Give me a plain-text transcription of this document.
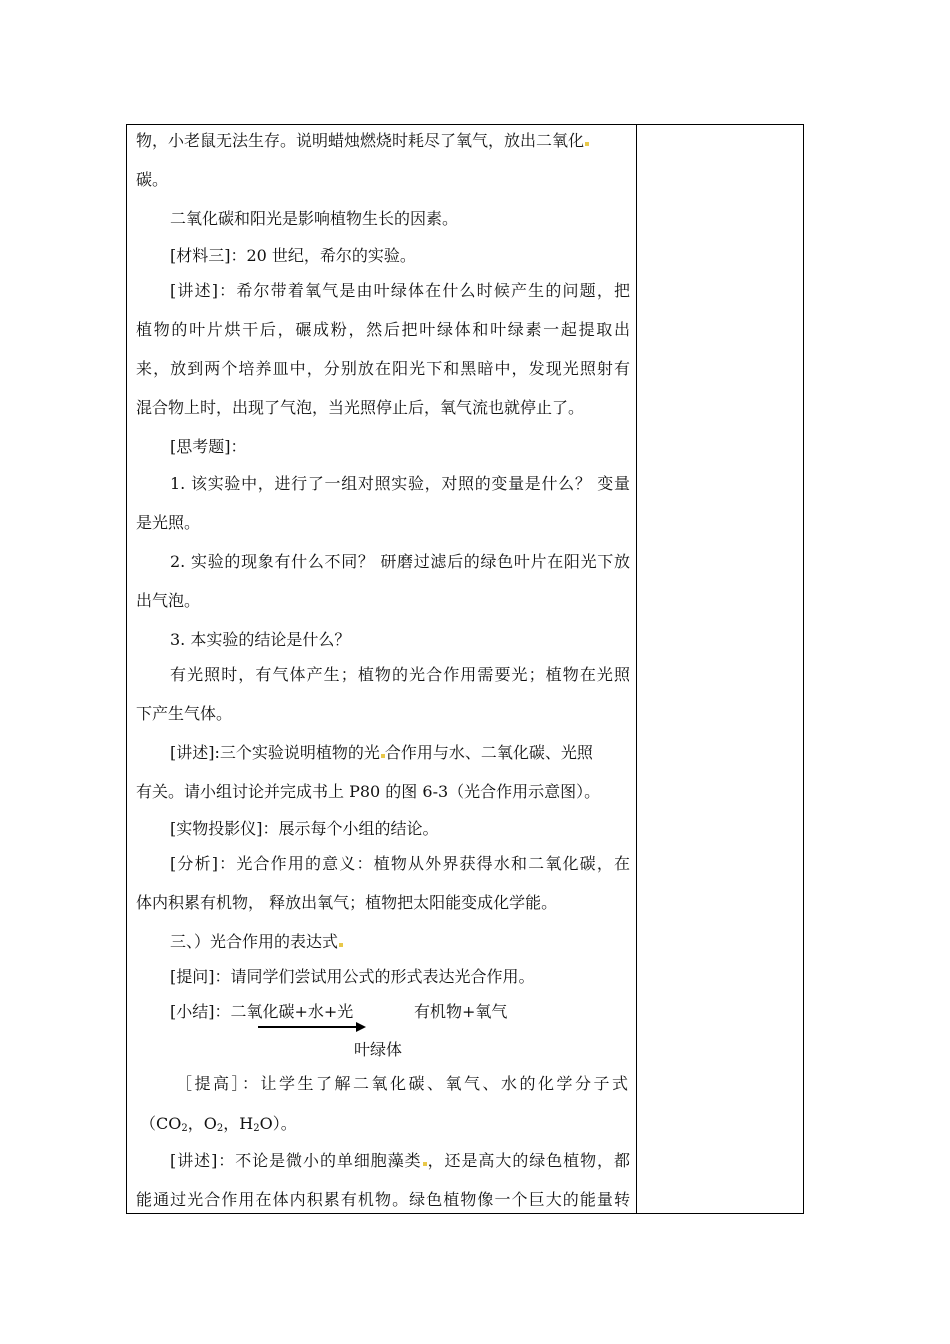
物，小老鼠无法生存。说明蜡烛燃烧时耗尽了氧气，放出二氧化
碳。
二氧化碳和阳光是影响植物生长的因素。
[材料三]：20 世纪，希尔的实验。
[讲述]：希尔带着氧气是由叶绿体在什么时候产生的问题，把
植物的叶片烘干后，碾成粉，然后把叶绿体和叶绿素一起提取出
来，放到两个培养皿中，分别放在阳光下和黑暗中，发现光照射有
混合物上时，出现了气泡，当光照停止后，氧气流也就停止了。
[思考题]：
1. 该实验中，进行了一组对照实验，对照的变量是什么？ 变量
是光照。
2. 实验的现象有什么不同？ 研磨过滤后的绿色叶片在阳光下放
出气泡。
3. 本实验的结论是什么？
有光照时，有气体产生；植物的光合作用需要光；植物在光照
下产生气体。
[讲述]:三个实验说明植物的光 合作用与水、二氧化碳、光照
有关。请小组讨论并完成书上 P80 的图 6-3（光合作用示意图）。
[实物投影仪]：展示每个小组的结论。
[分析]：光合作用的意义：植物从外界获得水和二氧化碳，在
体内积累有机物， 释放出氧气；植物把太阳能变成化学能。
三、）光合作用的表达式
[提问]：请同学们尝试用公式的形式表达光合作用。
[小结]：二氧化碳+水+光	有机物+氧气
叶绿体
［提高］：让学生了解二氧化碳、氧气、水的化学分子式
（$CO_2$，$O_2$，$H_2O$）。
[讲述]：不论是微小的单细胞藻类 ，还是高大的绿色植物，都
能通过光合作用在体内积累有机物。绿色植物像一个巨大的能量转
